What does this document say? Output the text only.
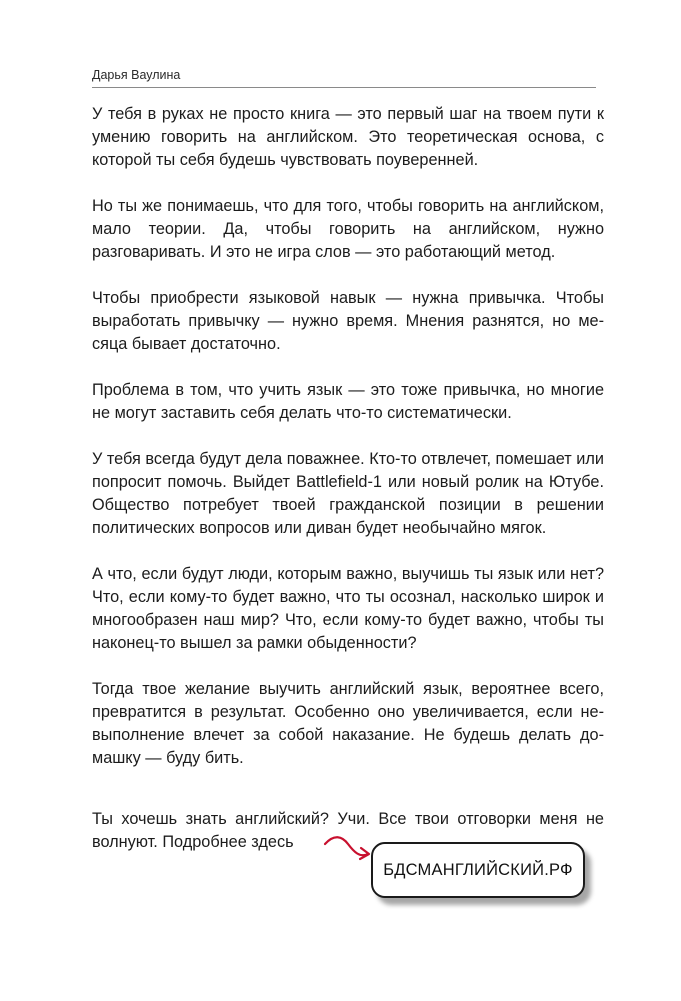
Дарья Ваулина

У тебя в руках не просто книга — это первый шаг на твоем пути к умению говорить на английском. Это теоретическая основа, с которой ты себя будешь чувствовать поувереннeй.

Но ты же понимаешь, что для того, чтобы говорить на английском, мало теории. Да, чтобы говорить на английском, нужно разговаривать. И это не игра слов — это работающий метод.

Чтобы приобрести языковой навык — нужна привычка. Чтобы выработать привычку — нужно время. Мнения разнятся, но месяца бывает достаточно.

Проблема в том, что учить язык — это тоже привычка, но многие не могут заставить себя делать что-то систематически.

У тебя всегда будут дела поважнее. Кто-то отвлечет, помешает или попросит помочь. Выйдет Battlefield-1 или новый ролик на Ютубе. Общество потребует твоей гражданской позиции в решении политических вопросов или диван будет необычайно мягок.

А что, если будут люди, которым важно, выучишь ты язык или нет? Что, если кому-то будет важно, что ты осознал, насколько широк и многообразен наш мир? Что, если кому-то будет важно, чтобы ты наконец-то вышел за рамки обыденности?

Тогда твое желание выучить английский язык, вероятнее всего, превратится в результат. Особенно оно увеличивается, если невыполнение влечет за собой наказание. Не будешь делать домашку — буду бить.

Ты хочешь знать английский? Учи. Все твои отговорки меня не волнуют. Подробнее здесь

БДСМАНГЛИЙСКИЙ.РФ
